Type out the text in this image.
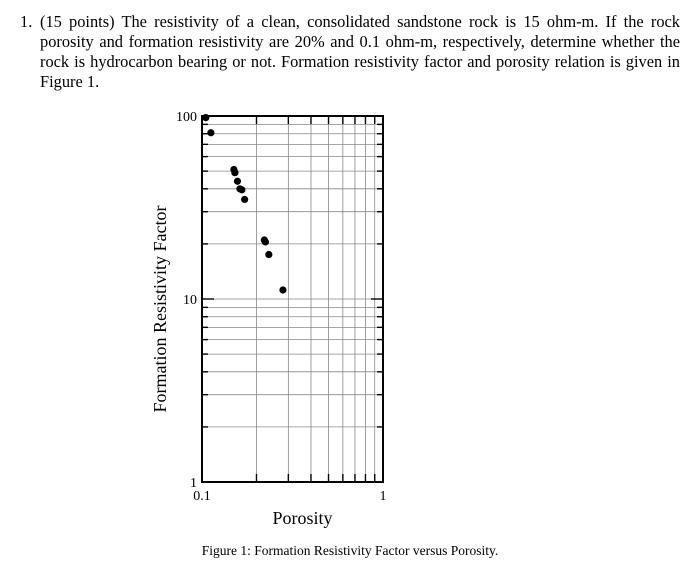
1. (15 points) The resistivity of a clean, consolidated sandstone rock is 15 ohm-m. If the rock porosity and formation resistivity are 20% and 0.1 ohm-m, respectively, determine whether the rock is hydrocarbon bearing or not. Formation resistivity factor and porosity relation is given in Figure 1.
1
10
100
0.1	1
Porosity
Formation Resistivity Factor
Figure 1: Formation Resistivity Factor versus Porosity.
